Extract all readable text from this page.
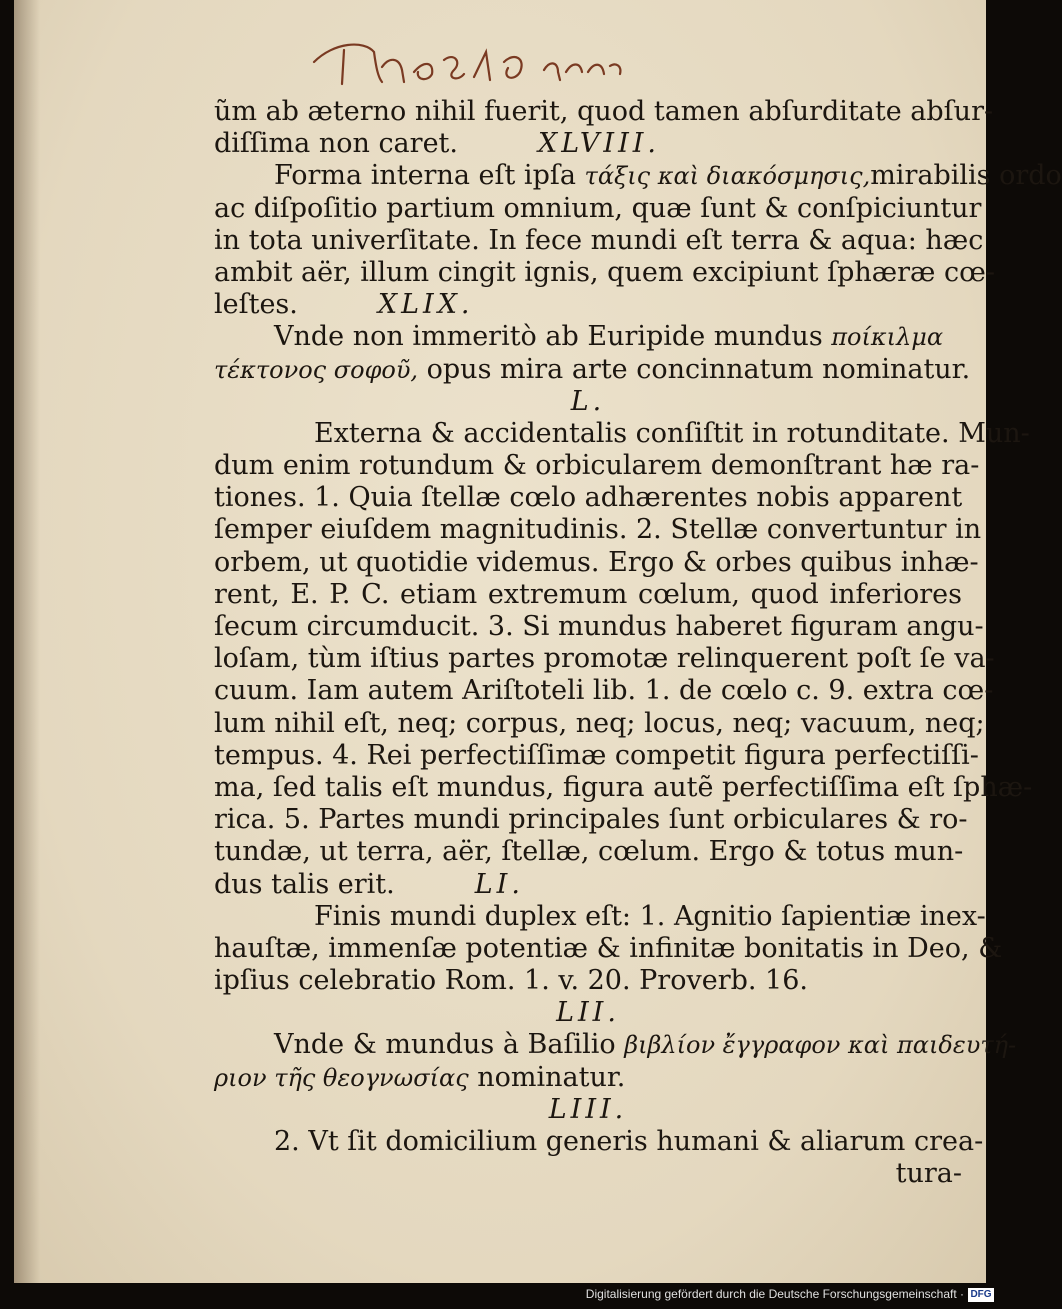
Theses de mundi
ũm ab æterno nihil fuerit, quod tamen abſurditate abſur-
diſſima non caret.	XLVIII.
Forma interna eſt ipſa τάξις καὶ διακόσμησις,mirabilis ordo
ac diſpoſitio partium omnium, quæ ſunt & conſpiciuntur
in tota univerſitate. In fece mundi eſt terra & aqua: hæc
ambit aër, illum cingit ignis, quem excipiunt ſphæræ cœ-
leſtes.	XLIX.
Vnde non immeritò ab Euripide mundus ποίκιλμα
τέκτονος σοφοῦ, opus mira arte concinnatum nominatur.
L.
Externa & accidentalis conſiſtit in rotunditate. Mun-
dum enim rotundum & orbicularem demonſtrant hæ ra-
tiones. 1. Quia ſtellæ cœlo adhærentes nobis apparent
ſemper eiuſdem magnitudinis. 2. Stellæ convertuntur in
orbem, ut quotidie videmus. Ergo & orbes quibus inhæ-
rent, E. P. C. etiam extremum cœlum, quod inferiores
ſecum circumducit. 3. Si mundus haberet figuram angu-
loſam, tùm iſtius partes promotæ relinquerent poſt ſe va-
cuum. Iam autem Ariſtoteli lib. 1. de cœlo c. 9. extra cœ-
lum nihil eſt, neq; corpus, neq; locus, neq; vacuum, neq;
tempus. 4. Rei perfectiſſimæ competit figura perfectiſſi-
ma, ſed talis eſt mundus, figura autẽ perfectiſſima eſt ſphæ-
rica. 5. Partes mundi principales ſunt orbiculares & ro-
tundæ, ut terra, aër, ſtellæ, cœlum. Ergo & totus mun-
dus talis erit.	LI.
Finis mundi duplex eſt: 1. Agnitio ſapientiæ inex-
hauſtæ, immenſæ potentiæ & infinitæ bonitatis in Deo, &
ipſius celebratio Rom. 1. v. 20. Proverb. 16.
LII.
Vnde & mundus à Baſilio βιβλίον ἔγγραφον καὶ παιδευτή-
ριον τῆς θεογνωσίας nominatur.
LIII.
2. Vt ſit domicilium generis humani & aliarum crea-
tura-
Digitalisierung gefördert durch die Deutsche Forschungsgemeinschaft · DFG
